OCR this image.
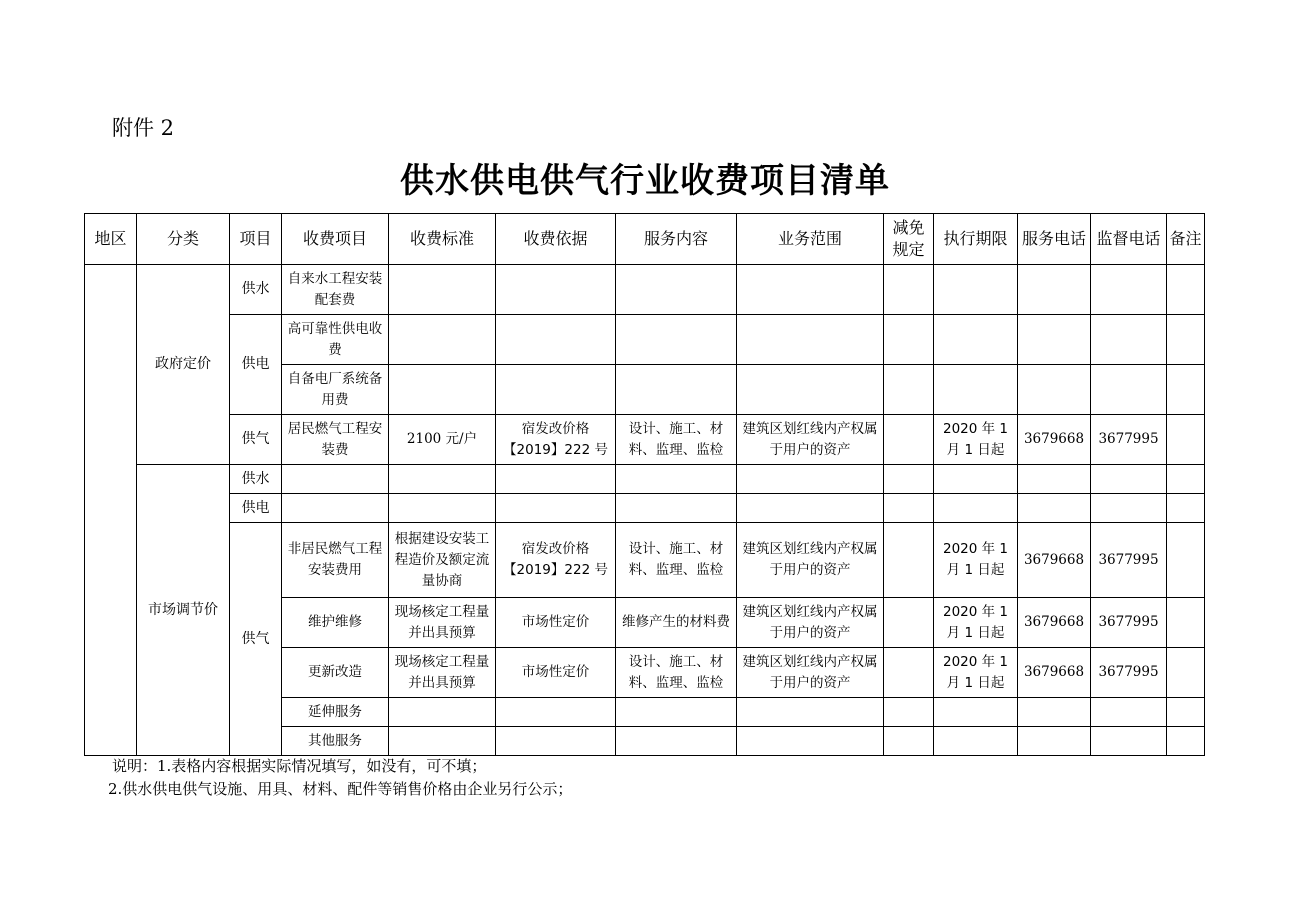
附件 2
供水供电供气行业收费项目清单
地区	分类	项目	收费项目	收费标准	收费依据	服务内容	业务范围	减免规定	执行期限	服务电话	监督电话	备注
	政府定价	供水	自来水工程安装配套费									
		供电	高可靠性供电收费									
			自备电厂系统备用费									
		供气	居民燃气工程安装费	2100 元/户	宿发改价格【2019】222 号	设计、施工、材料、监理、监检	建筑区划红线内产权属于用户的资产		2020 年 1 月 1 日起	3679668	3677995	
	市场调节价	供水										
		供电										
		供气	非居民燃气工程安装费用	根据建设安装工程造价及额定流量协商	宿发改价格【2019】222 号	设计、施工、材料、监理、监检	建筑区划红线内产权属于用户的资产		2020 年 1 月 1 日起	3679668	3677995	
			维护维修	现场核定工程量并出具预算	市场性定价	维修产生的材料费	建筑区划红线内产权属于用户的资产		2020 年 1 月 1 日起	3679668	3677995	
			更新改造	现场核定工程量并出具预算	市场性定价	设计、施工、材料、监理、监检	建筑区划红线内产权属于用户的资产		2020 年 1 月 1 日起	3679668	3677995	
			延伸服务									
			其他服务									
说明：1.表格内容根据实际情况填写，如没有，可不填；
2.供水供电供气设施、用具、材料、配件等销售价格由企业另行公示；
